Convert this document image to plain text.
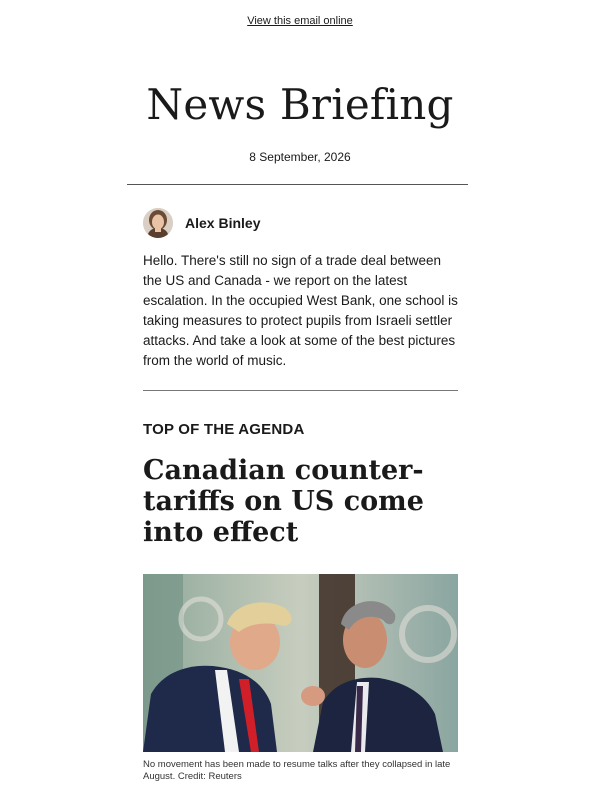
View this email online
News Briefing
8 September, 2026
Alex Binley

Hello. There's still no sign of a trade deal between the US and Canada - we report on the latest escalation. In the occupied West Bank, one school is taking measures to protect pupils from Israeli settler attacks. And take a look at some of the best pictures from the world of music.

TOP OF THE AGENDA
Canadian counter-tariffs on US come into effect
No movement has been made to resume talks after they collapsed in late August. Credit: Reuters
